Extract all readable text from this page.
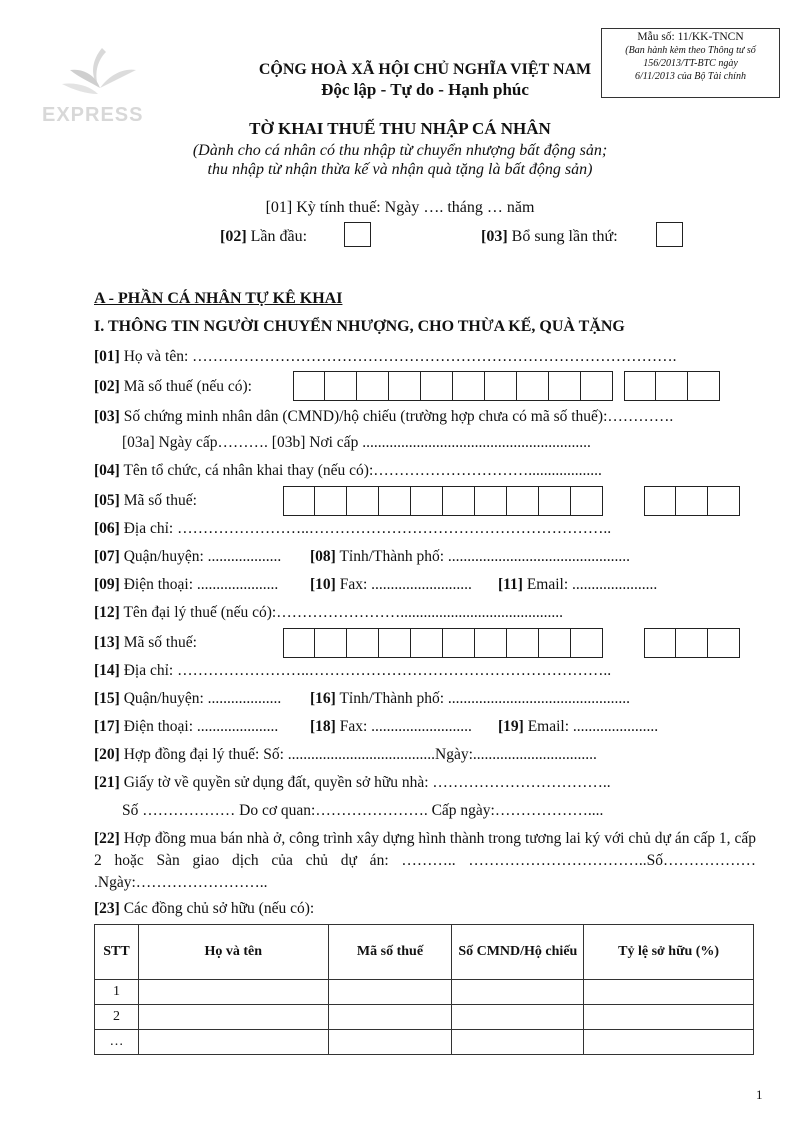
EXPRESS
CỘNG HOÀ XÃ HỘI CHỦ NGHĨA VIỆT NAM
Độc lập - Tự do - Hạnh phúc
Mẫu số: 11/KK-TNCN
(Ban hành kèm theo Thông tư số
156/2013/TT-BTC ngày
6/11/2013 của Bộ Tài chính
TỜ KHAI THUẾ THU NHẬP CÁ NHÂN
(Dành cho cá nhân có thu nhập từ chuyển nhượng bất động sản;
thu nhập từ nhận thừa kế và nhận quà tặng là bất động sản)
[01] Kỳ tính thuế: Ngày …. tháng … năm
[02] Lần đầu:	[03] Bổ sung lần thứ:
A - PHẦN CÁ NHÂN TỰ KÊ KHAI
I. THÔNG TIN NGƯỜI CHUYỂN NHƯỢNG, CHO THỪA KẾ, QUÀ TẶNG
[01] Họ và tên: ………………………………………………………………………………….
[02] Mã số thuế (nếu có):
[03] Số chứng minh nhân dân (CMND)/hộ chiếu (trường hợp chưa có mã số thuế):………….
[03a] Ngày cấp………. [03b] Nơi cấp ...........................................................
[04] Tên tổ chức, cá nhân khai thay (nếu có):…………………………...................
[05] Mã số thuế:
[06] Địa chỉ: ……………………..…………………………………………………..
[07] Quận/huyện: ................... [08] Tỉnh/Thành phố: ...............................................
[09] Điện thoại: ..................... [10] Fax: .......................... [11] Email: ......................
[12] Tên đại lý thuế (nếu có):……………………..........................................
[13] Mã số thuế:
[14] Địa chỉ: ……………………..…………………………………………………..
[15] Quận/huyện: ................... [16] Tỉnh/Thành phố: ...............................................
[17] Điện thoại: ..................... [18] Fax: .......................... [19] Email: ......................
[20] Hợp đồng đại lý thuế: Số: ......................................Ngày:................................
[21] Giấy tờ về quyền sử dụng đất, quyền sở hữu nhà: ……………………………..
Số ……………… Do cơ quan:…………………. Cấp ngày:………………....
[22] Hợp đồng mua bán nhà ở, công trình xây dựng hình thành trong tương lai ký với chủ dự án cấp 1, cấp 2 hoặc Sàn giao dịch của chủ dự án: ……….. ……………………………..Số……………… .Ngày:……………………..
[23] Các đồng chủ sở hữu (nếu có):
STT	Họ và tên	Mã số thuế	Số CMND/Hộ chiếu	Tỷ lệ sở hữu (%)
1				
2				
…				
1
